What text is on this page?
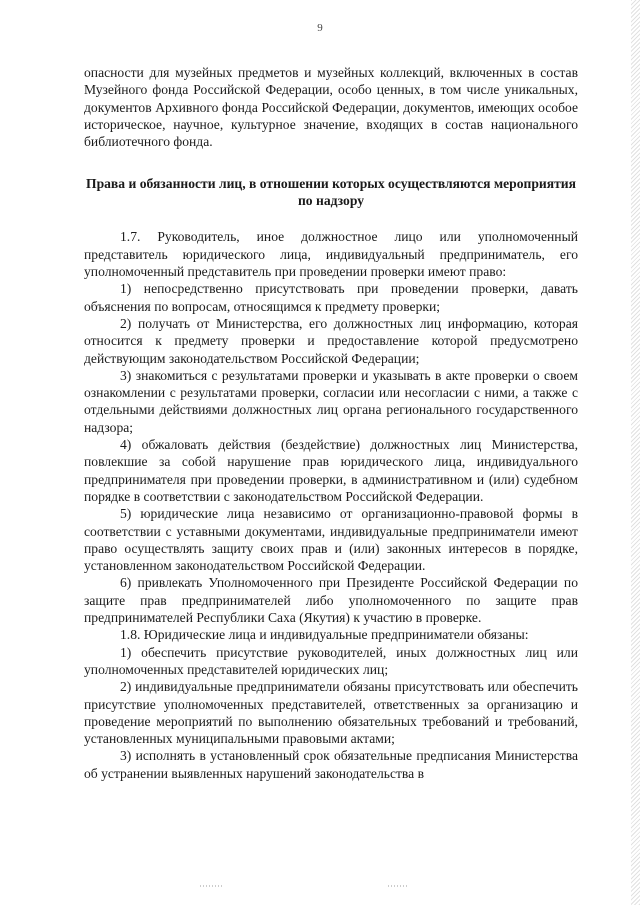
9

опасности для музейных предметов и музейных коллекций, включенных в состав Музейного фонда Российской Федерации, особо ценных, в том числе уникальных, документов Архивного фонда Российской Федерации, документов, имеющих особое историческое, научное, культурное значение, входящих в состав национального библиотечного фонда.

Права и обязанности лиц, в отношении которых осуществляются мероприятия по надзору

1.7. Руководитель, иное должностное лицо или уполномоченный представитель юридического лица, индивидуальный предприниматель, его уполномоченный представитель при проведении проверки имеют право:

1) непосредственно присутствовать при проведении проверки, давать объяснения по вопросам, относящимся к предмету проверки;

2) получать от Министерства, его должностных лиц информацию, которая относится к предмету проверки и предоставление которой предусмотрено действующим законодательством Российской Федерации;

3) знакомиться с результатами проверки и указывать в акте проверки о своем ознакомлении с результатами проверки, согласии или несогласии с ними, а также с отдельными действиями должностных лиц органа регионального государственного надзора;

4) обжаловать действия (бездействие) должностных лиц Министерства, повлекшие за собой нарушение прав юридического лица, индивидуального предпринимателя при проведении проверки, в административном и (или) судебном порядке в соответствии с законодательством Российской Федерации.

5) юридические лица независимо от организационно-правовой формы в соответствии с уставными документами, индивидуальные предприниматели имеют право осуществлять защиту своих прав и (или) законных интересов в порядке, установленном законодательством Российской Федерации.

6) привлекать Уполномоченного при Президенте Российской Федерации по защите прав предпринимателей либо уполномоченного по защите прав предпринимателей Республики Саха (Якутия) к участию в проверке.

1.8. Юридические лица и индивидуальные предприниматели обязаны:

1) обеспечить присутствие руководителей, иных должностных лиц или уполномоченных представителей юридических лиц;

2) индивидуальные предприниматели обязаны присутствовать или обеспечить присутствие уполномоченных представителей, ответственных за организацию и проведение мероприятий по выполнению обязательных требований и требований, установленных муниципальными правовыми актами;

3) исполнять в установленный срок обязательные предписания Министерства об устранении выявленных нарушений законодательства в
